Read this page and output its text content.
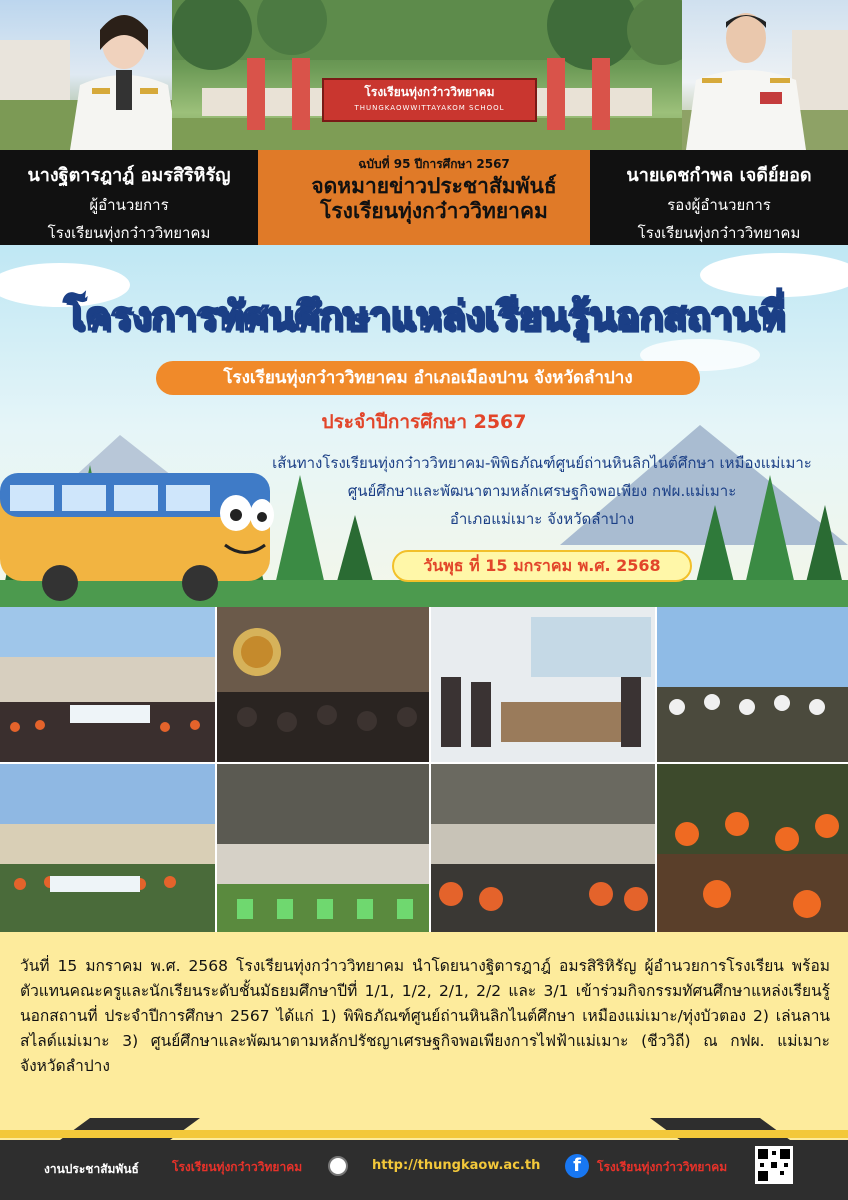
โรงเรียนทุ่งกว๋าววิทยาคม
THUNGKAOWWITTAYAKOM SCHOOL
นางฐิตารฎาฎ์ อมรสิริหิรัญ
ผู้อำนวยการ
โรงเรียนทุ่งกว๋าววิทยาคม
ฉบับที่ 95 ปีการศึกษา 2567
จดหมายข่าวประชาสัมพันธ์
โรงเรียนทุ่งกว๋าววิทยาคม
นายเดชกำพล เจดีย์ยอด
รองผู้อำนวยการ
โรงเรียนทุ่งกว๋าววิทยาคม
โครงการทัศนศึกษาแหล่งเรียนรู้นอกสถานที่
โรงเรียนทุ่งกว๋าววิทยาคม อำเภอเมืองปาน จังหวัดลำปาง
ประจำปีการศึกษา 2567
เส้นทางโรงเรียนทุ่งกว๋าววิทยาคม-พิพิธภัณฑ์ศูนย์ถ่านหินลิกไนต์ศึกษา เหมืองแม่เมาะ
ศูนย์ศึกษาและพัฒนาตามหลักเศรษฐกิจพอเพียง กฟผ.แม่เมาะ
อำเภอแม่เมาะ จังหวัดลำปาง
วันพุธ ที่ 15 มกราคม พ.ศ. 2568

วันที่ 15 มกราคม พ.ศ. 2568 โรงเรียนทุ่งกว๋าววิทยาคม นำโดยนางฐิตารฎาฎ์ อมรสิริหิรัญ ผู้อำนวยการโรงเรียน พร้อมตัวแทนคณะครูและนักเรียนระดับชั้นมัธยมศึกษาปีที่ 1/1, 1/2, 2/1, 2/2 และ 3/1 เข้าร่วมกิจกรรมทัศนศึกษาแหล่งเรียนรู้นอกสถานที่ ประจำปีการศึกษา 2567 ได้แก่ 1) พิพิธภัณฑ์ศูนย์ถ่านหินลิกไนต์ศึกษา เหมืองแม่เมาะ/ทุ่งบัวตอง 2) เล่นลานสไลด์แม่เมาะ 3) ศูนย์ศึกษาและพัฒนาตามหลักปรัชญาเศรษฐกิจพอเพียงการไฟฟ้าแม่เมาะ (ชีววิถี) ณ กฟผ. แม่เมาะ จังหวัดลำปาง

งานประชาสัมพันธ์	โรงเรียนทุ่งกว๋าววิทยาคม	http://thungkaow.ac.th	f	โรงเรียนทุ่งกว๋าววิทยาคม
